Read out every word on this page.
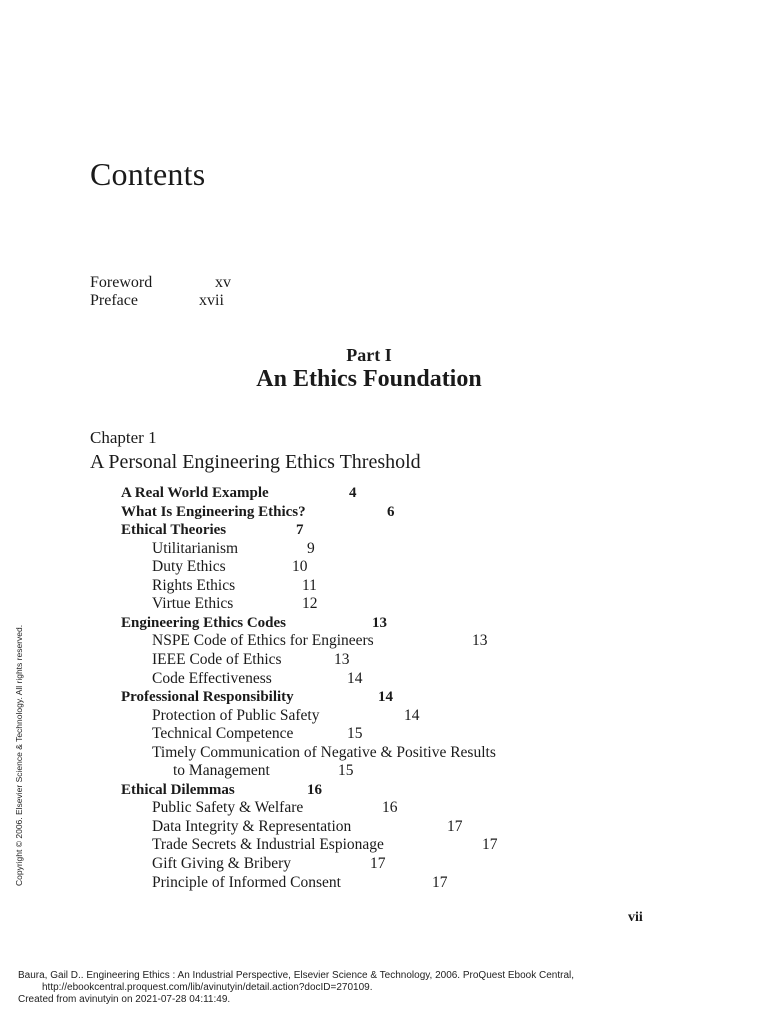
Contents
Foreword	xv
Preface	xvii
Part I
An Ethics Foundation
Chapter 1
A Personal Engineering Ethics Threshold
A Real World Example	4
What Is Engineering Ethics?	6
Ethical Theories	7
Utilitarianism	9
Duty Ethics	10
Rights Ethics	11
Virtue Ethics	12
Engineering Ethics Codes	13
NSPE Code of Ethics for Engineers	13
IEEE Code of Ethics	13
Code Effectiveness	14
Professional Responsibility	14
Protection of Public Safety	14
Technical Competence	15
Timely Communication of Negative & Positive Results
to Management	15
Ethical Dilemmas	16
Public Safety & Welfare	16
Data Integrity & Representation	17
Trade Secrets & Industrial Espionage	17
Gift Giving & Bribery	17
Principle of Informed Consent	17
vii
Copyright © 2006. Elsevier Science & Technology. All rights reserved.
Baura, Gail D.. Engineering Ethics : An Industrial Perspective, Elsevier Science & Technology, 2006. ProQuest Ebook Central,
http://ebookcentral.proquest.com/lib/avinutyin/detail.action?docID=270109.
Created from avinutyin on 2021-07-28 04:11:49.
